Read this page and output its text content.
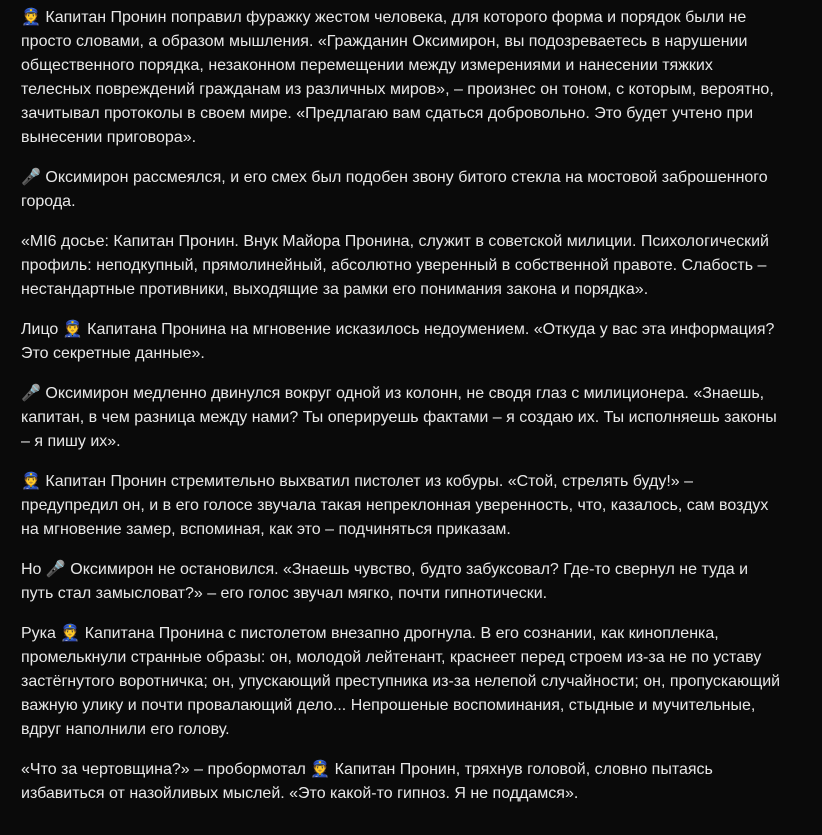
👮 Капитан Пронин поправил фуражку жестом человека, для которого форма и порядок были не просто словами, а образом мышления. «Гражданин Оксимирон, вы подозреваетесь в нарушении общественного порядка, незаконном перемещении между измерениями и нанесении тяжких телесных повреждений гражданам из различных миров», – произнес он тоном, с которым, вероятно, зачитывал протоколы в своем мире. «Предлагаю вам сдаться добровольно. Это будет учтено при вынесении приговора».

🎤 Оксимирон рассмеялся, и его смех был подобен звону битого стекла на мостовой заброшенного города.

«MI6 досье: Капитан Пронин. Внук Майора Пронина, служит в советской милиции. Психологический профиль: неподкупный, прямолинейный, абсолютно уверенный в собственной правоте. Слабость – нестандартные противники, выходящие за рамки его понимания закона и порядка».

Лицо 👮 Капитана Пронина на мгновение исказилось недоумением. «Откуда у вас эта информация? Это секретные данные».

🎤 Оксимирон медленно двинулся вокруг одной из колонн, не сводя глаз с милиционера. «Знаешь, капитан, в чем разница между нами? Ты оперируешь фактами – я создаю их. Ты исполняешь законы – я пишу их».

👮 Капитан Пронин стремительно выхватил пистолет из кобуры. «Стой, стрелять буду!» – предупредил он, и в его голосе звучала такая непреклонная уверенность, что, казалось, сам воздух на мгновение замер, вспоминая, как это – подчиняться приказам.

Но 🎤 Оксимирон не остановился. «Знаешь чувство, будто забуксовал? Где-то свернул не туда и путь стал замысловат?» – его голос звучал мягко, почти гипнотически.

Рука 👮 Капитана Пронина с пистолетом внезапно дрогнула. В его сознании, как кинопленка, промелькнули странные образы: он, молодой лейтенант, краснеет перед строем из-за не по уставу застёгнутого воротничка; он, упускающий преступника из-за нелепой случайности; он, пропускающий важную улику и почти провалающий дело... Непрошеные воспоминания, стыдные и мучительные, вдруг наполнили его голову.

«Что за чертовщина?» – пробормотал 👮 Капитан Пронин, тряхнув головой, словно пытаясь избавиться от назойливых мыслей. «Это какой-то гипноз. Я не поддамся».
